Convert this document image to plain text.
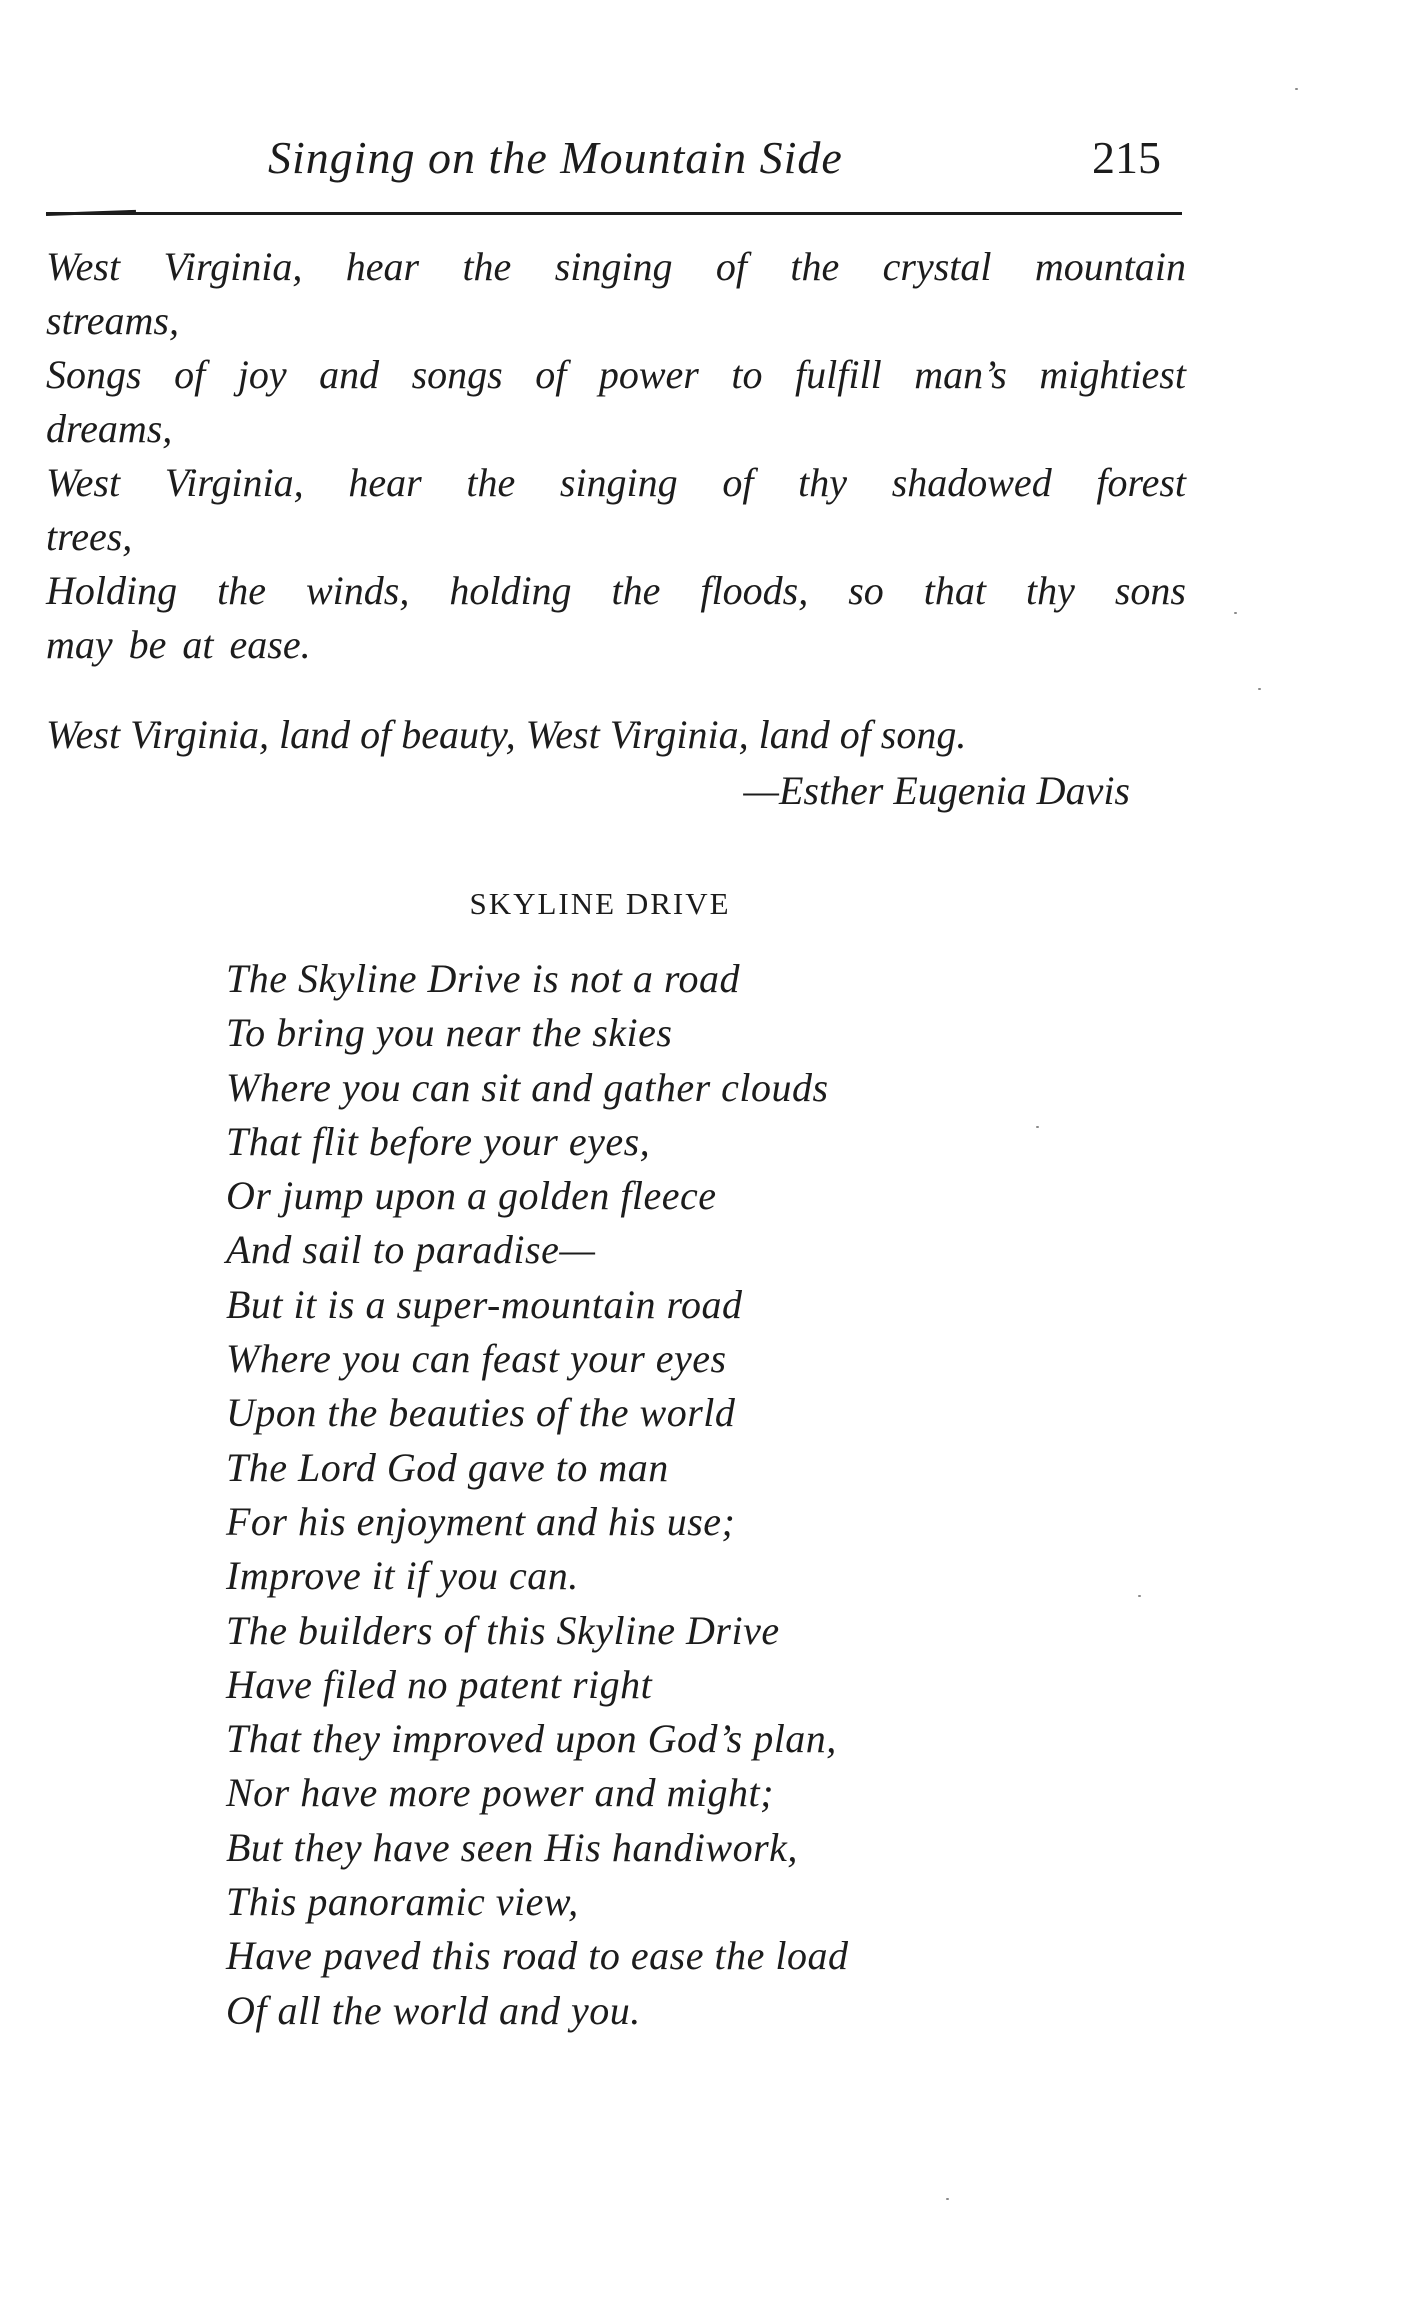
Singing on the Mountain Side	215
West Virginia, hear the singing of the crystal mountain
streams,
Songs of joy and songs of power to fulfill man’s mightiest
dreams,
West Virginia, hear the singing of thy shadowed forest
trees,
Holding the winds, holding the floods, so that thy sons
may be at ease.
West Virginia, land of beauty, West Virginia, land of song.
—Esther Eugenia Davis
SKYLINE DRIVE
The Skyline Drive is not a road
To bring you near the skies
Where you can sit and gather clouds
That flit before your eyes,
Or jump upon a golden fleece
And sail to paradise—
But it is a super-mountain road
Where you can feast your eyes
Upon the beauties of the world
The Lord God gave to man
For his enjoyment and his use;
Improve it if you can.
The builders of this Skyline Drive
Have filed no patent right
That they improved upon God’s plan,
Nor have more power and might;
But they have seen His handiwork,
This panoramic view,
Have paved this road to ease the load
Of all the world and you.
